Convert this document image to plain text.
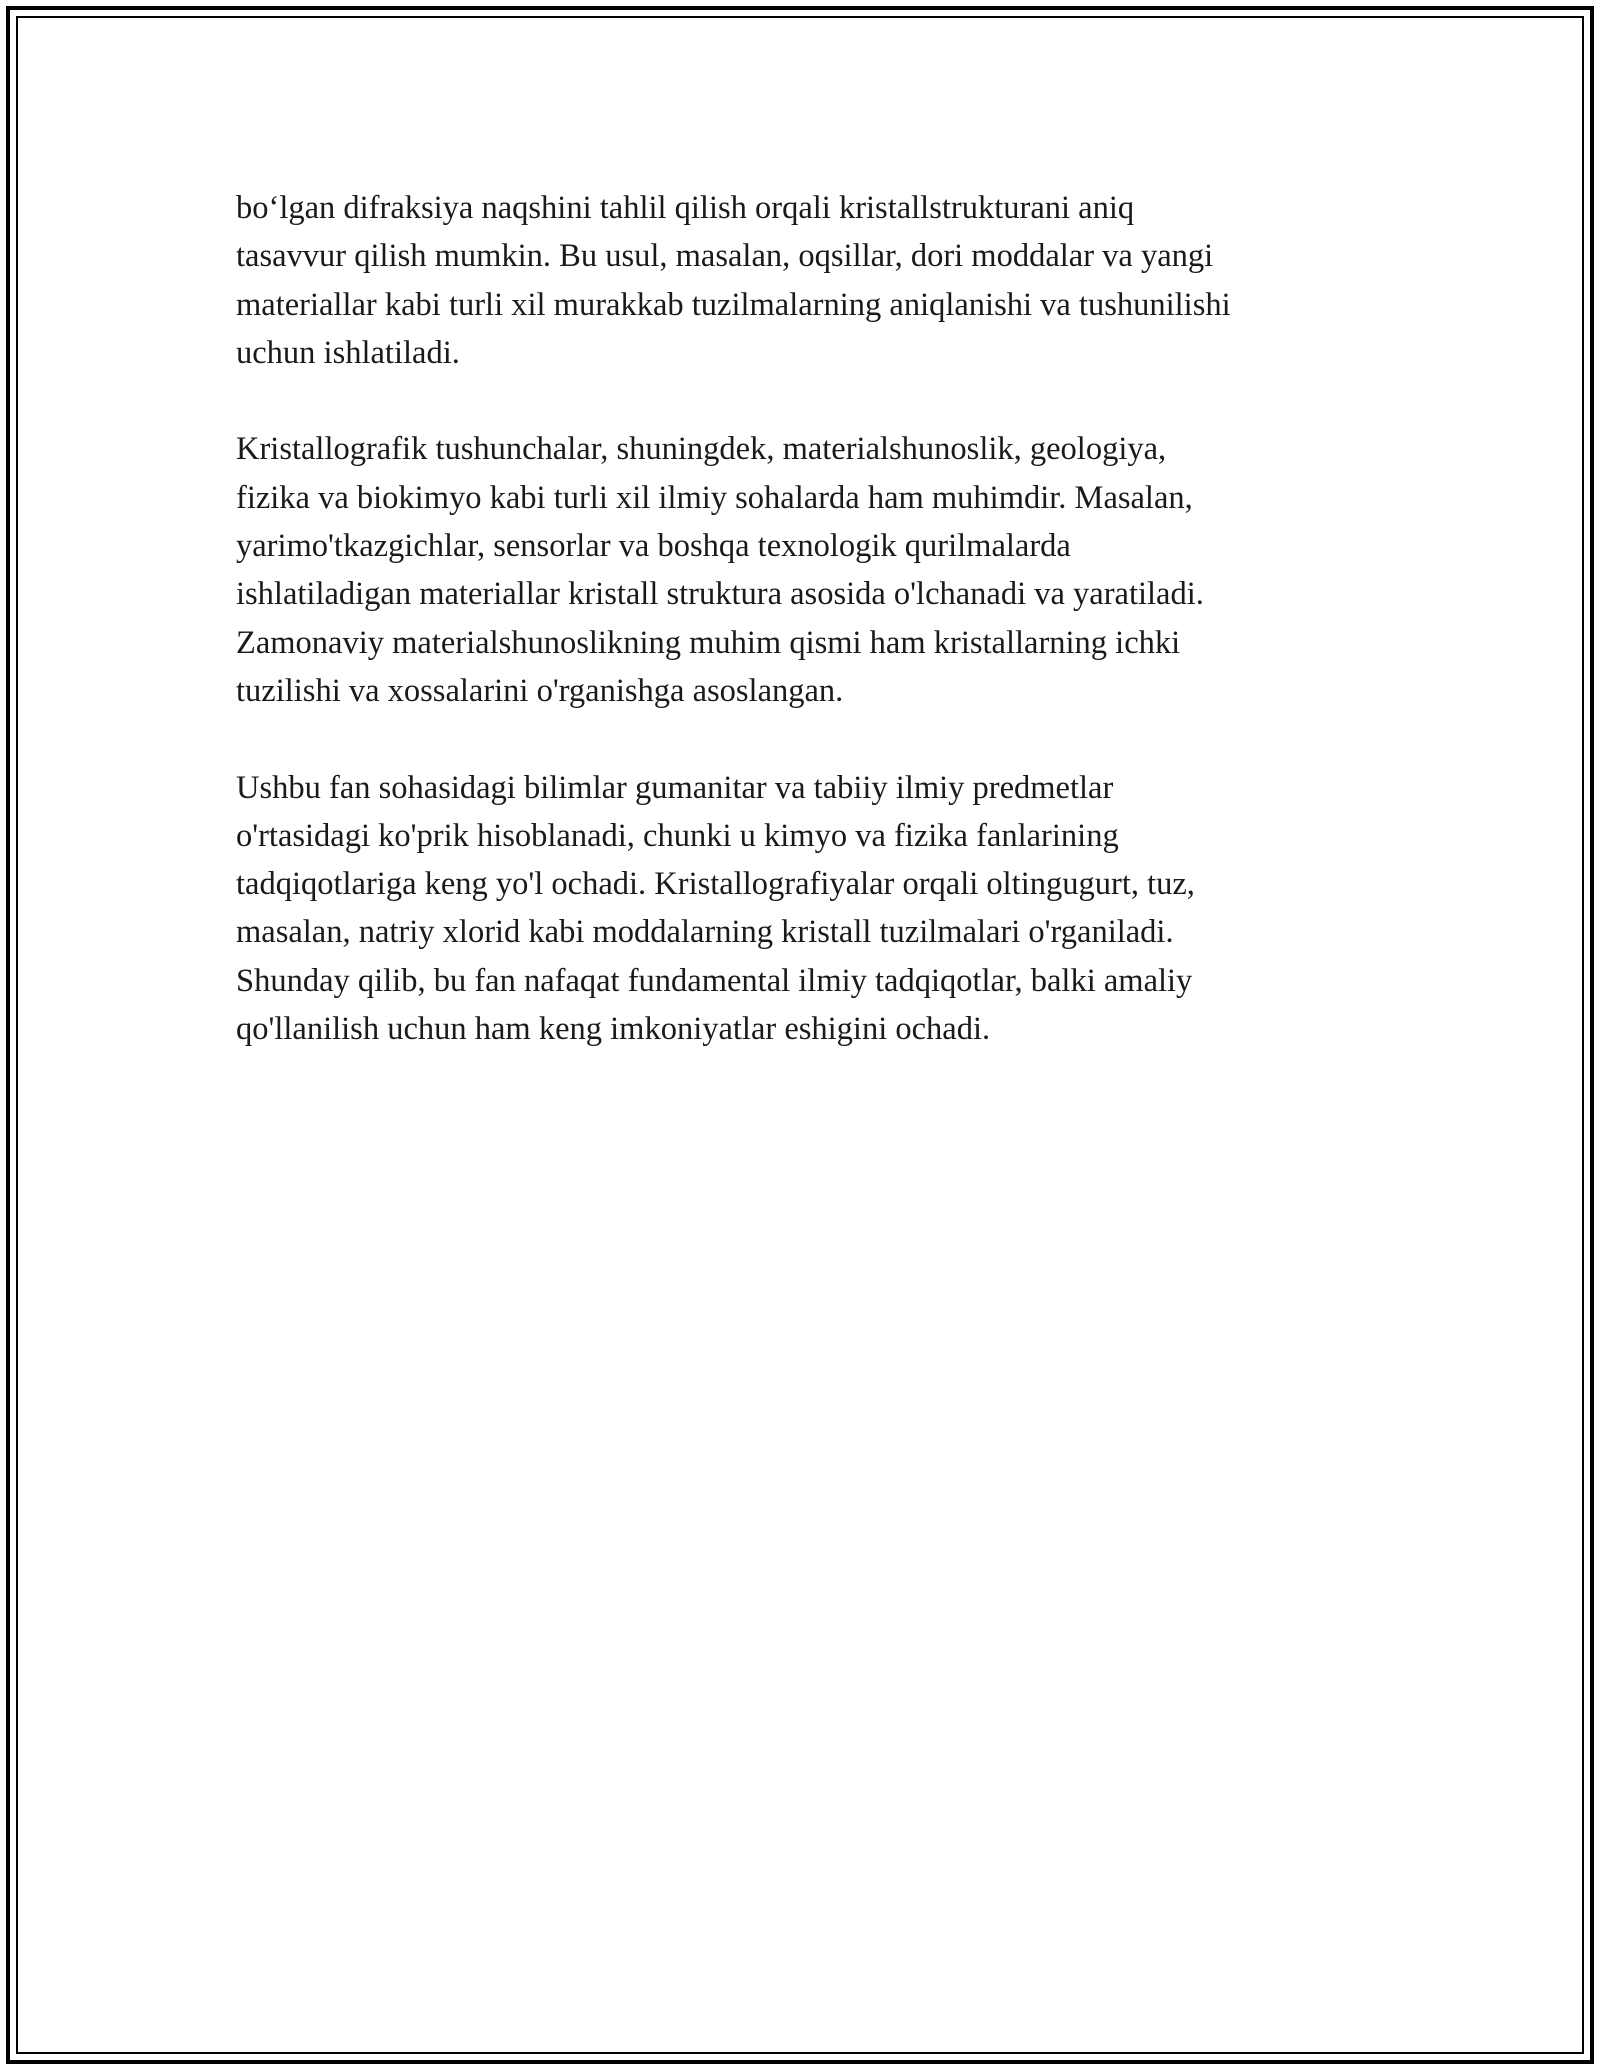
bo‘lgan difraksiya naqshini tahlil qilish orqali kristallstrukturani aniq
tasavvur qilish mumkin. Bu usul, masalan, oqsillar, dori moddalar va yangi
materiallar kabi turli xil murakkab tuzilmalarning aniqlanishi va tushunilishi
uchun ishlatiladi.

Kristallografik tushunchalar, shuningdek, materialshunoslik, geologiya,
fizika va biokimyo kabi turli xil ilmiy sohalarda ham muhimdir. Masalan,
yarimo'tkazgichlar, sensorlar va boshqa texnologik qurilmalarda
ishlatiladigan materiallar kristall struktura asosida o'lchanadi va yaratiladi.
Zamonaviy materialshunoslikning muhim qismi ham kristallarning ichki
tuzilishi va xossalarini o'rganishga asoslangan.

Ushbu fan sohasidagi bilimlar gumanitar va tabiiy ilmiy predmetlar
o'rtasidagi ko'prik hisoblanadi, chunki u kimyo va fizika fanlarining
tadqiqotlariga keng yo'l ochadi. Kristallografiyalar orqali oltingugurt, tuz,
masalan, natriy xlorid kabi moddalarning kristall tuzilmalari o'rganiladi.
Shunday qilib, bu fan nafaqat fundamental ilmiy tadqiqotlar, balki amaliy
qo'llanilish uchun ham keng imkoniyatlar eshigini ochadi.
